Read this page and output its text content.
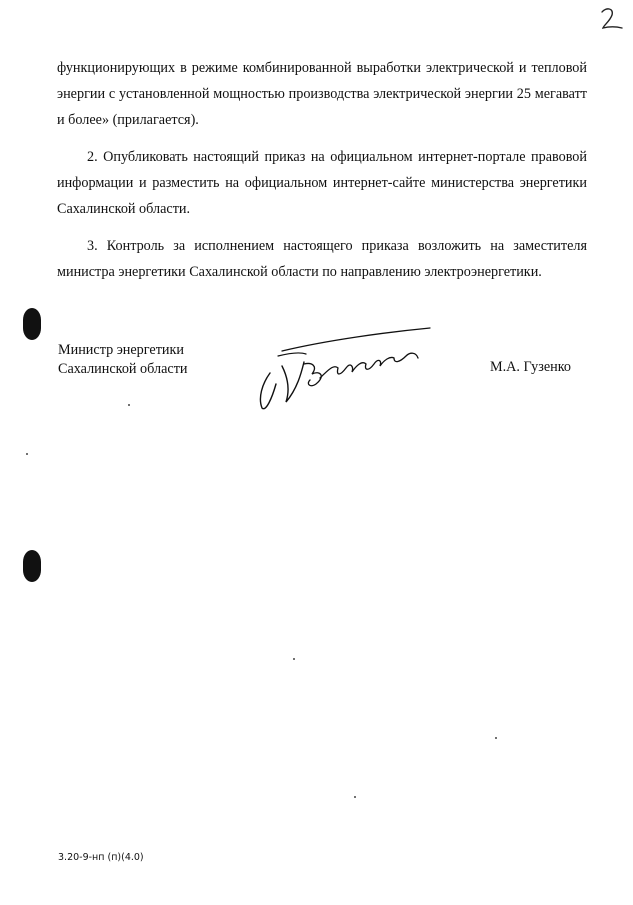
функционирующих в режиме комбинированной выработки электрической и тепловой энергии с установленной мощностью производства электрической энергии 25 мегаватт и более» (прилагается).

2. Опубликовать настоящий приказ на официальном интернет-портале правовой информации и разместить на официальном интернет-сайте министерства энергетики Сахалинской области.

3. Контроль за исполнением настоящего приказа возложить на заместителя министра энергетики Сахалинской области по направлению электроэнергетики.

Министр энергетики
Сахалинской области	М.А. Гузенко
3.20-9-нп (п)(4.0)
